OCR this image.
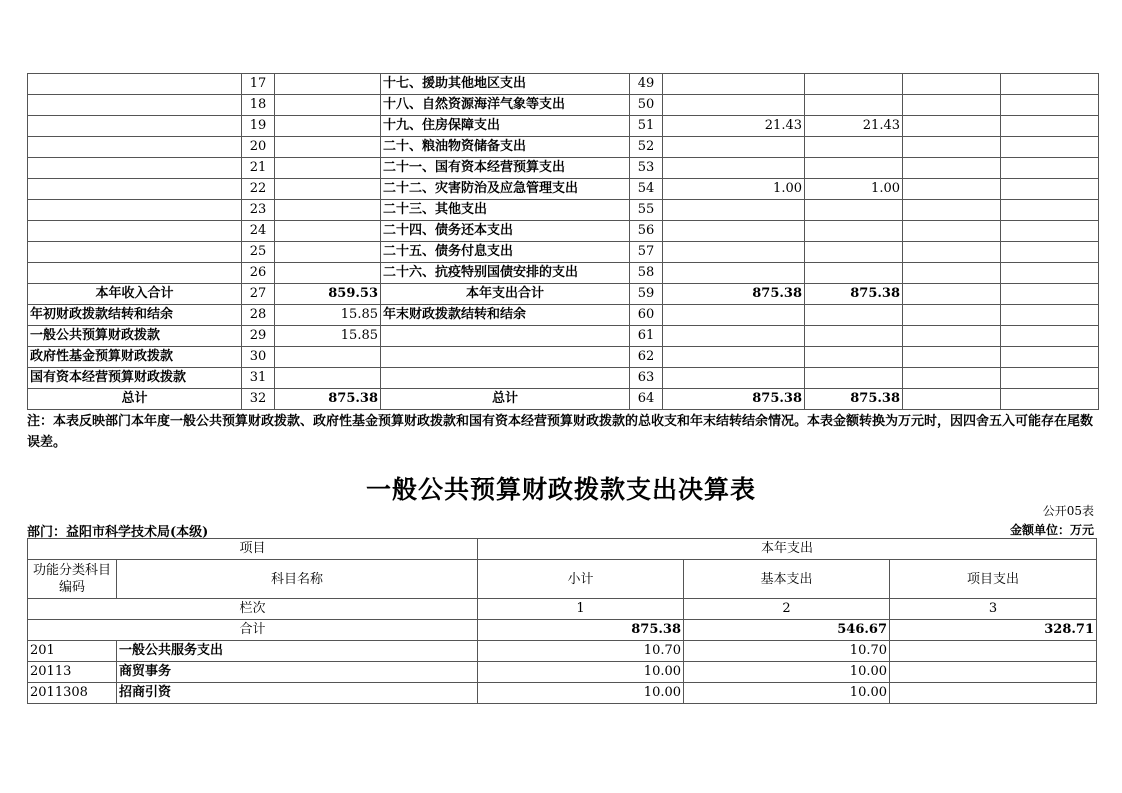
	17		十七、援助其他地区支出	49				
	18		十八、自然资源海洋气象等支出	50				
	19		十九、住房保障支出	51	21.43	21.43		
	20		二十、粮油物资储备支出	52				
	21		二十一、国有资本经营预算支出	53				
	22		二十二、灾害防治及应急管理支出	54	1.00	1.00		
	23		二十三、其他支出	55				
	24		二十四、债务还本支出	56				
	25		二十五、债务付息支出	57				
	26		二十六、抗疫特别国债安排的支出	58				
本年收入合计	27	859.53	本年支出合计	59	875.38	875.38		
年初财政拨款结转和结余	28	15.85	年末财政拨款结转和结余	60				
一般公共预算财政拨款	29	15.85		61				
政府性基金预算财政拨款	30			62				
国有资本经营预算财政拨款	31			63				
总计	32	875.38	总计	64	875.38	875.38		
注：本表反映部门本年度一般公共预算财政拨款、政府性基金预算财政拨款和国有资本经营预算财政拨款的总收支和年末结转结余情况。本表金额转换为万元时，因四舍五入可能存在尾数误差。
一般公共预算财政拨款支出决算表
公开05表
部门：益阳市科学技术局(本级)	金额单位：万元
项目		本年支出		
功能分类科目编码	科目名称	小计	基本支出	项目支出
栏次		1	2	3
合计		875.38	546.67	328.71
201	一般公共服务支出	10.70	10.70	
20113	商贸事务	10.00	10.00	
2011308	招商引资	10.00	10.00	
